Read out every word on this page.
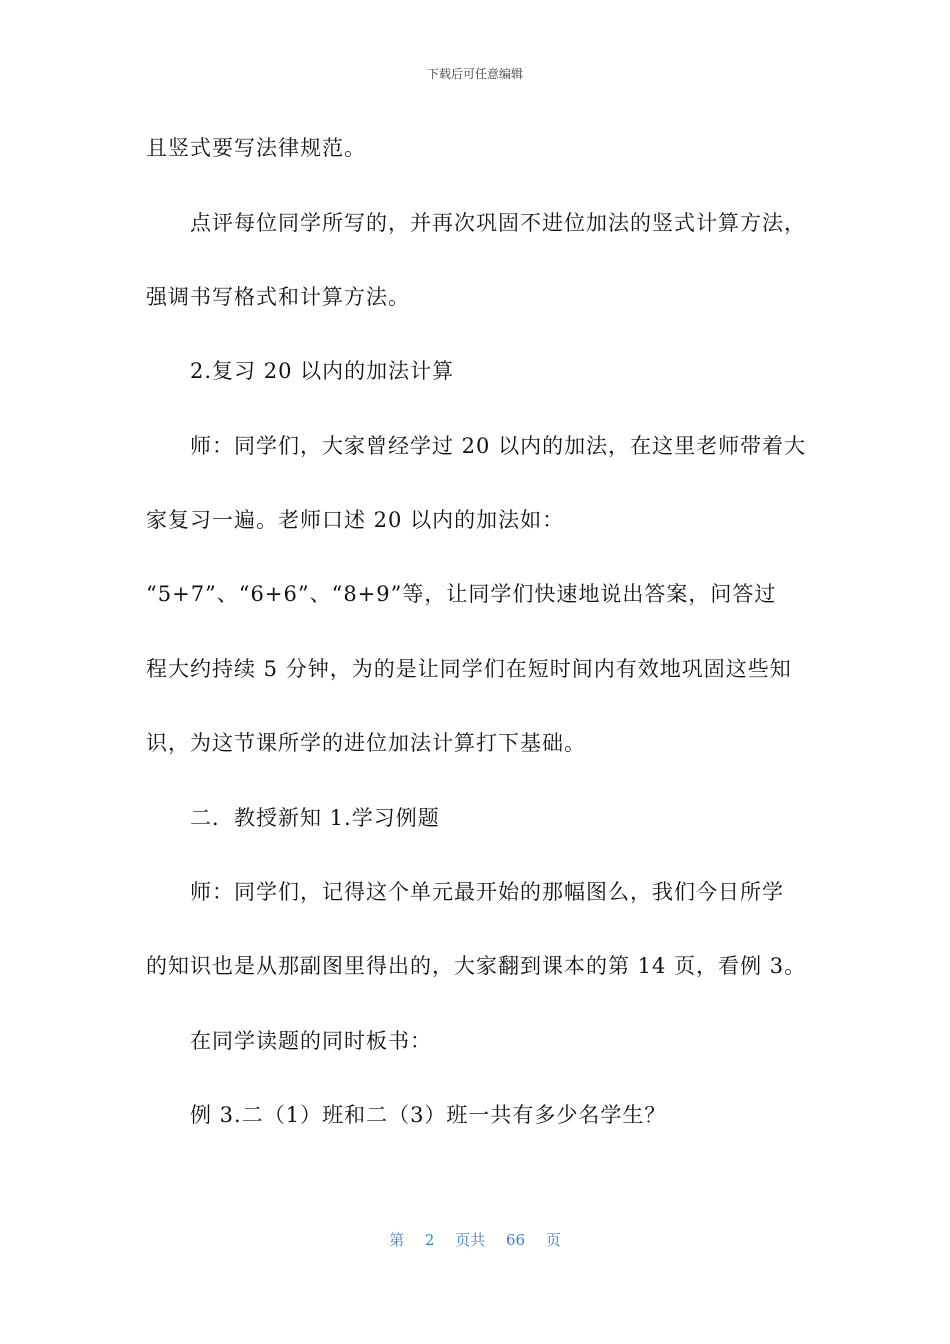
下载后可任意编辑
且竖式要写法律规范。
点评每位同学所写的，并再次巩固不进位加法的竖式计算方法，
强调书写格式和计算方法。
2.复习 20 以内的加法计算
师：同学们，大家曾经学过 20 以内的加法，在这里老师带着大
家复习一遍。老师口述 20 以内的加法如：
“5+7”、“6+6”、“8+9”等，让同学们快速地说出答案，问答过
程大约持续 5 分钟，为的是让同学们在短时间内有效地巩固这些知
识，为这节课所学的进位加法计算打下基础。
二．教授新知 1.学习例题
师：同学们，记得这个单元最开始的那幅图么，我们今日所学
的知识也是从那副图里得出的，大家翻到课本的第 14 页，看例 3。
在同学读题的同时板书：
例 3.二（1）班和二（3）班一共有多少名学生？
第 2 页共 66 页
